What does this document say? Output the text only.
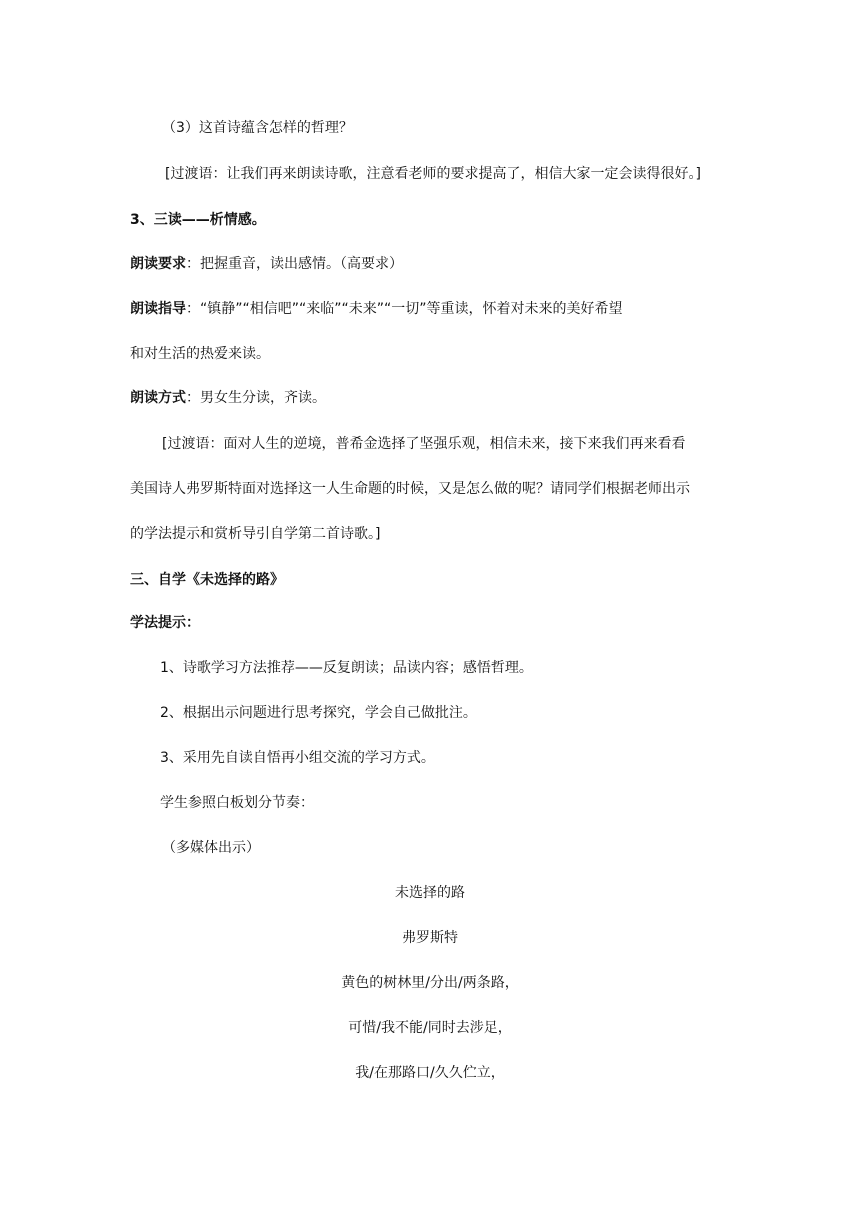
（3）这首诗蕴含怎样的哲理？
[过渡语：让我们再来朗读诗歌，注意看老师的要求提高了，相信大家一定会读得很好。]
3、三读——析情感。
朗读要求：把握重音，读出感情。（高要求）
朗读指导：“镇静”“相信吧”“来临”“未来”“一切”等重读，怀着对未来的美好希望
和对生活的热爱来读。
朗读方式：男女生分读，齐读。
[过渡语：面对人生的逆境，普希金选择了坚强乐观，相信未来，接下来我们再来看看
美国诗人弗罗斯特面对选择这一人生命题的时候，又是怎么做的呢？请同学们根据老师出示
的学法提示和赏析导引自学第二首诗歌。]
三、自学《未选择的路》
学法提示：
1、诗歌学习方法推荐——反复朗读；品读内容；感悟哲理。
2、根据出示问题进行思考探究，学会自己做批注。
3、采用先自读自悟再小组交流的学习方式。
学生参照白板划分节奏：
（多媒体出示）
未选择的路
弗罗斯特
黄色的树林里/分出/两条路，
可惜/我不能/同时去涉足，
我/在那路口/久久伫立，
